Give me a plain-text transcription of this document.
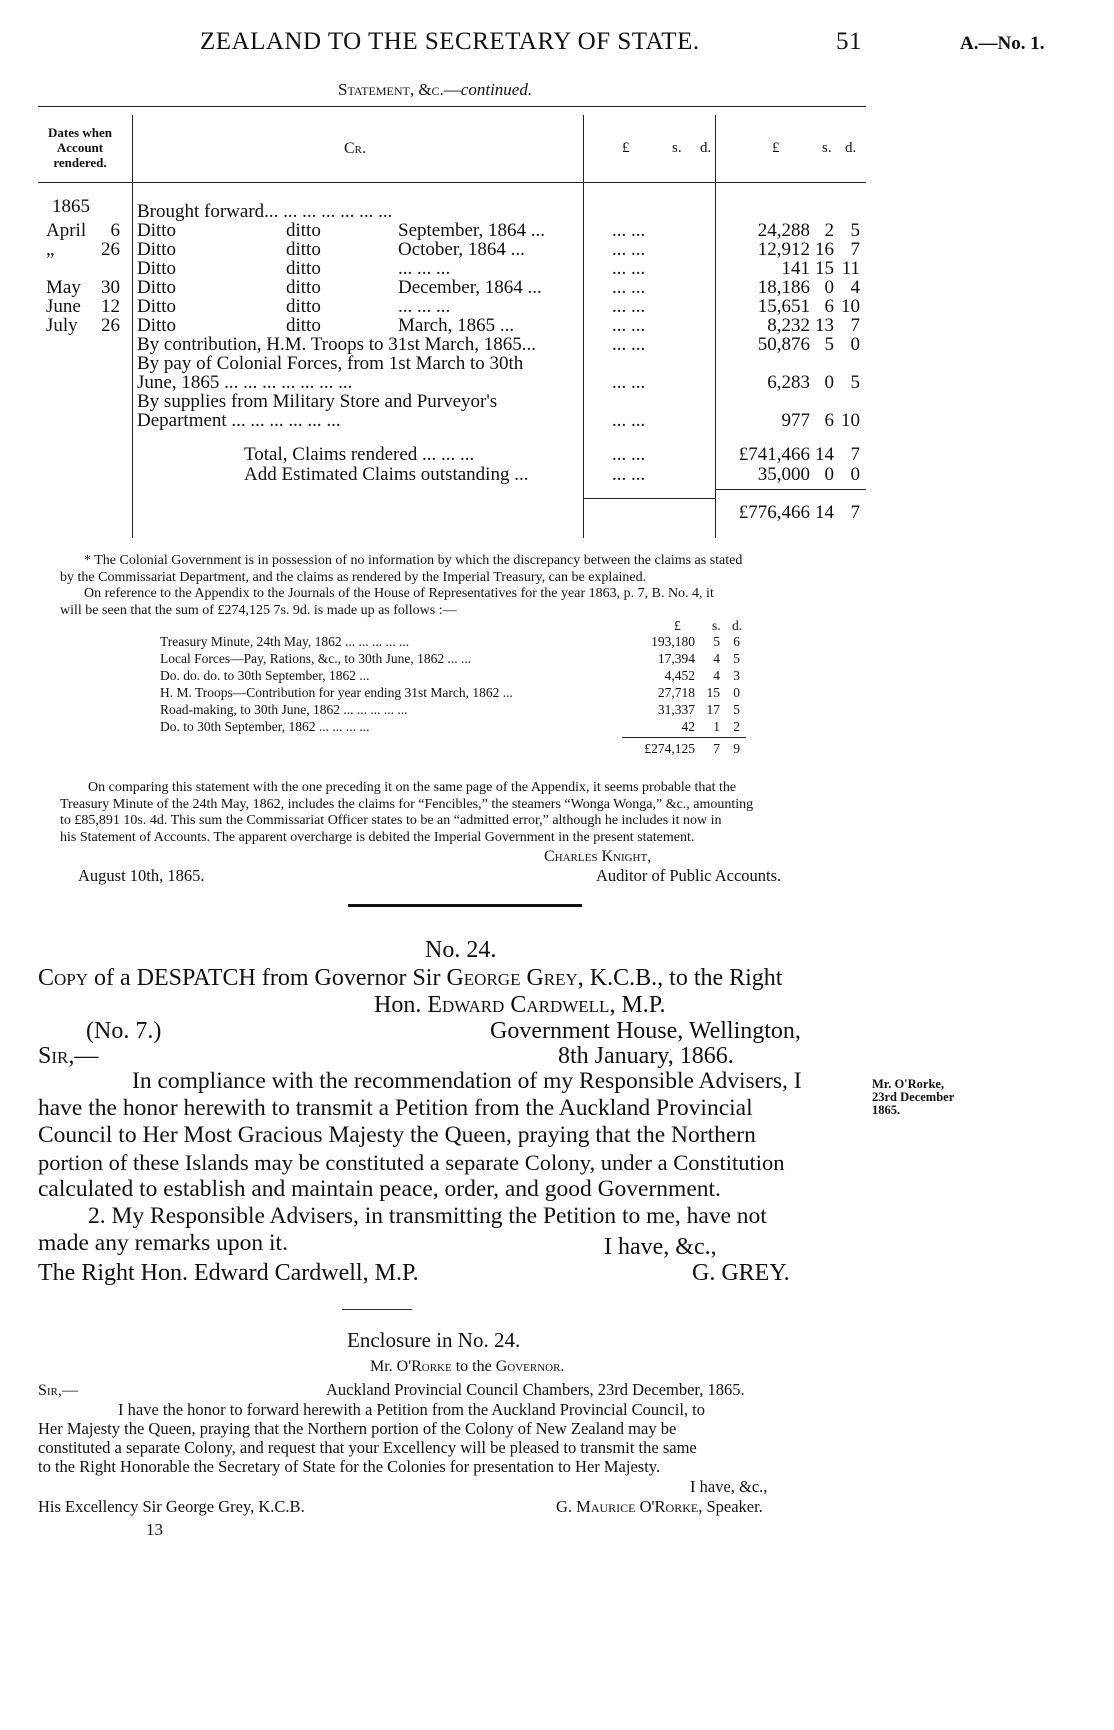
ZEALAND TO THE SECRETARY OF STATE.	51	A.—No. 1.
Statement, &c.—continued.
Dates when
Account
rendered.
Cr.	£	s. d.	£	s. d.
1865 Brought forward... ... ... ... ... ... ...
April	6 Ditto	ditto	September, 1864 ...	... ...	24,288 2 5
„	26 Ditto	ditto	October, 1864 ...	... ...	12,912 16 7
Ditto	ditto	... ... ...	... ...	141 15 11
May	30 Ditto	ditto	December, 1864 ...	... ...	18,186 0 4
June	12 Ditto	ditto	... ... ...	... ...	15,651 6 10
July	26 Ditto	ditto	March, 1865 ...	... ...	8,232 13 7
By contribution, H.M. Troops to 31st March, 1865...	... ...	50,876 5 0
By pay of Colonial Forces, from 1st March to 30th
June, 1865 ... ... ... ... ... ... ...	... ...	6,283 0 5
By supplies from Military Store and Purveyor's
Department ... ... ... ... ... ...	... ...	977 6 10
Total, Claims rendered ... ... ...	... ...	£741,466 14 7
Add Estimated Claims outstanding ...	... ...	35,000 0 0
£776,466 14 7
* The Colonial Government is in possession of no information by which the discrepancy between the claims as stated
by the Commissariat Department, and the claims as rendered by the Imperial Treasury, can be explained.
On reference to the Appendix to the Journals of the House of Representatives for the year 1863, p. 7, B. No. 4, it
will be seen that the sum of £274,125 7s. 9d. is made up as follows :—
£ s. d.
Treasury Minute, 24th May, 1862 ... ... ... ... ...	193,180	5 6
Local Forces—Pay, Rations, &c., to 30th June, 1862 ... ...	17,394	4 5
Do. do. do. to 30th September, 1862 ...	4,452	4 3
H. M. Troops—Contribution for year ending 31st March, 1862 ...	27,718 15 0
Road-making, to 30th June, 1862 ... ... ... ... ...	31,337 17 5
Do. to 30th September, 1862 ... ... ... ...	42	1 2
£274,125	7 9
On comparing this statement with the one preceding it on the same page of the Appendix, it seems probable that the
Treasury Minute of the 24th May, 1862, includes the claims for “Fencibles,” the steamers “Wonga Wonga,” &c., amounting
to £85,891 10s. 4d. This sum the Commissariat Officer states to be an “admitted error,” although he includes it now in
his Statement of Accounts. The apparent overcharge is debited the Imperial Government in the present statement.
Charles Knight,
Auditor of Public Accounts.
August 10th, 1865.
No. 24.
Copy of a DESPATCH from Governor Sir George Grey, K.C.B., to the Right
Hon. Edward Cardwell, M.P.
(No. 7.)	Government House, Wellington,
Sir,—	8th January, 1866.
In compliance with the recommendation of my Responsible Advisers, I
have the honor herewith to transmit a Petition from the Auckland Provincial
Council to Her Most Gracious Majesty the Queen, praying that the Northern
portion of these Islands may be constituted a separate Colony, under a Constitution
calculated to establish and maintain peace, order, and good Government.
2. My Responsible Advisers, in transmitting the Petition to me, have not
made any remarks upon it.
Mr. O'Rorke,
23rd December
1865.
I have, &c.,
The Right Hon. Edward Cardwell, M.P.	G. GREY.
Enclosure in No. 24.
Mr. O'Rorke to the Governor.
Sir,—	Auckland Provincial Council Chambers, 23rd December, 1865.
I have the honor to forward herewith a Petition from the Auckland Provincial Council, to
Her Majesty the Queen, praying that the Northern portion of the Colony of New Zealand may be
constituted a separate Colony, and request that your Excellency will be pleased to transmit the same
to the Right Honorable the Secretary of State for the Colonies for presentation to Her Majesty.
I have, &c.,
His Excellency Sir George Grey, K.C.B.	G. Maurice O'Rorke, Speaker.
13
